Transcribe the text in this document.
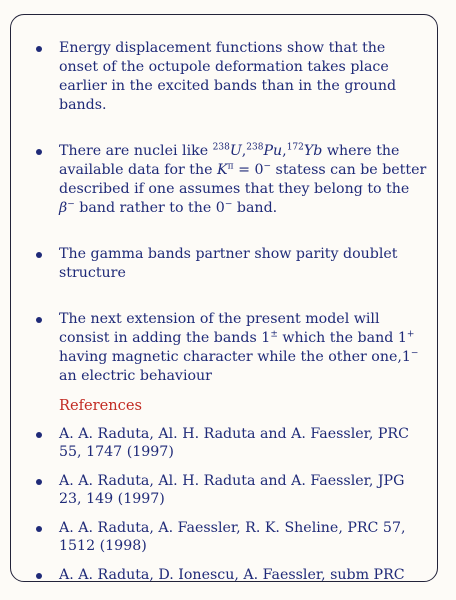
Energy displacement functions show that the onset of the octupole deformation takes place earlier in the excited bands than in the ground bands.
There are nuclei like $^{238}$U,$^{238}$Pu,$^{172}$Yb where the available data for the $K^\pi = 0^-$ statess can be better described if one assumes that they belong to the β− band rather to the 0− band.
The gamma bands partner show parity doublet structure
The next extension of the present model will consist in adding the bands 1± which the band 1+ having magnetic character while the other one,1− an electric behaviour
References
A. A. Raduta, Al. H. Raduta and A. Faessler, PRC 55, 1747 (1997)
A. A. Raduta, Al. H. Raduta and A. Faessler, JPG 23, 149 (1997)
A. A. Raduta, A. Faessler, R. K. Sheline, PRC 57, 1512 (1998)
A. A. Raduta, D. Ionescu, A. Faessler, subm PRC
